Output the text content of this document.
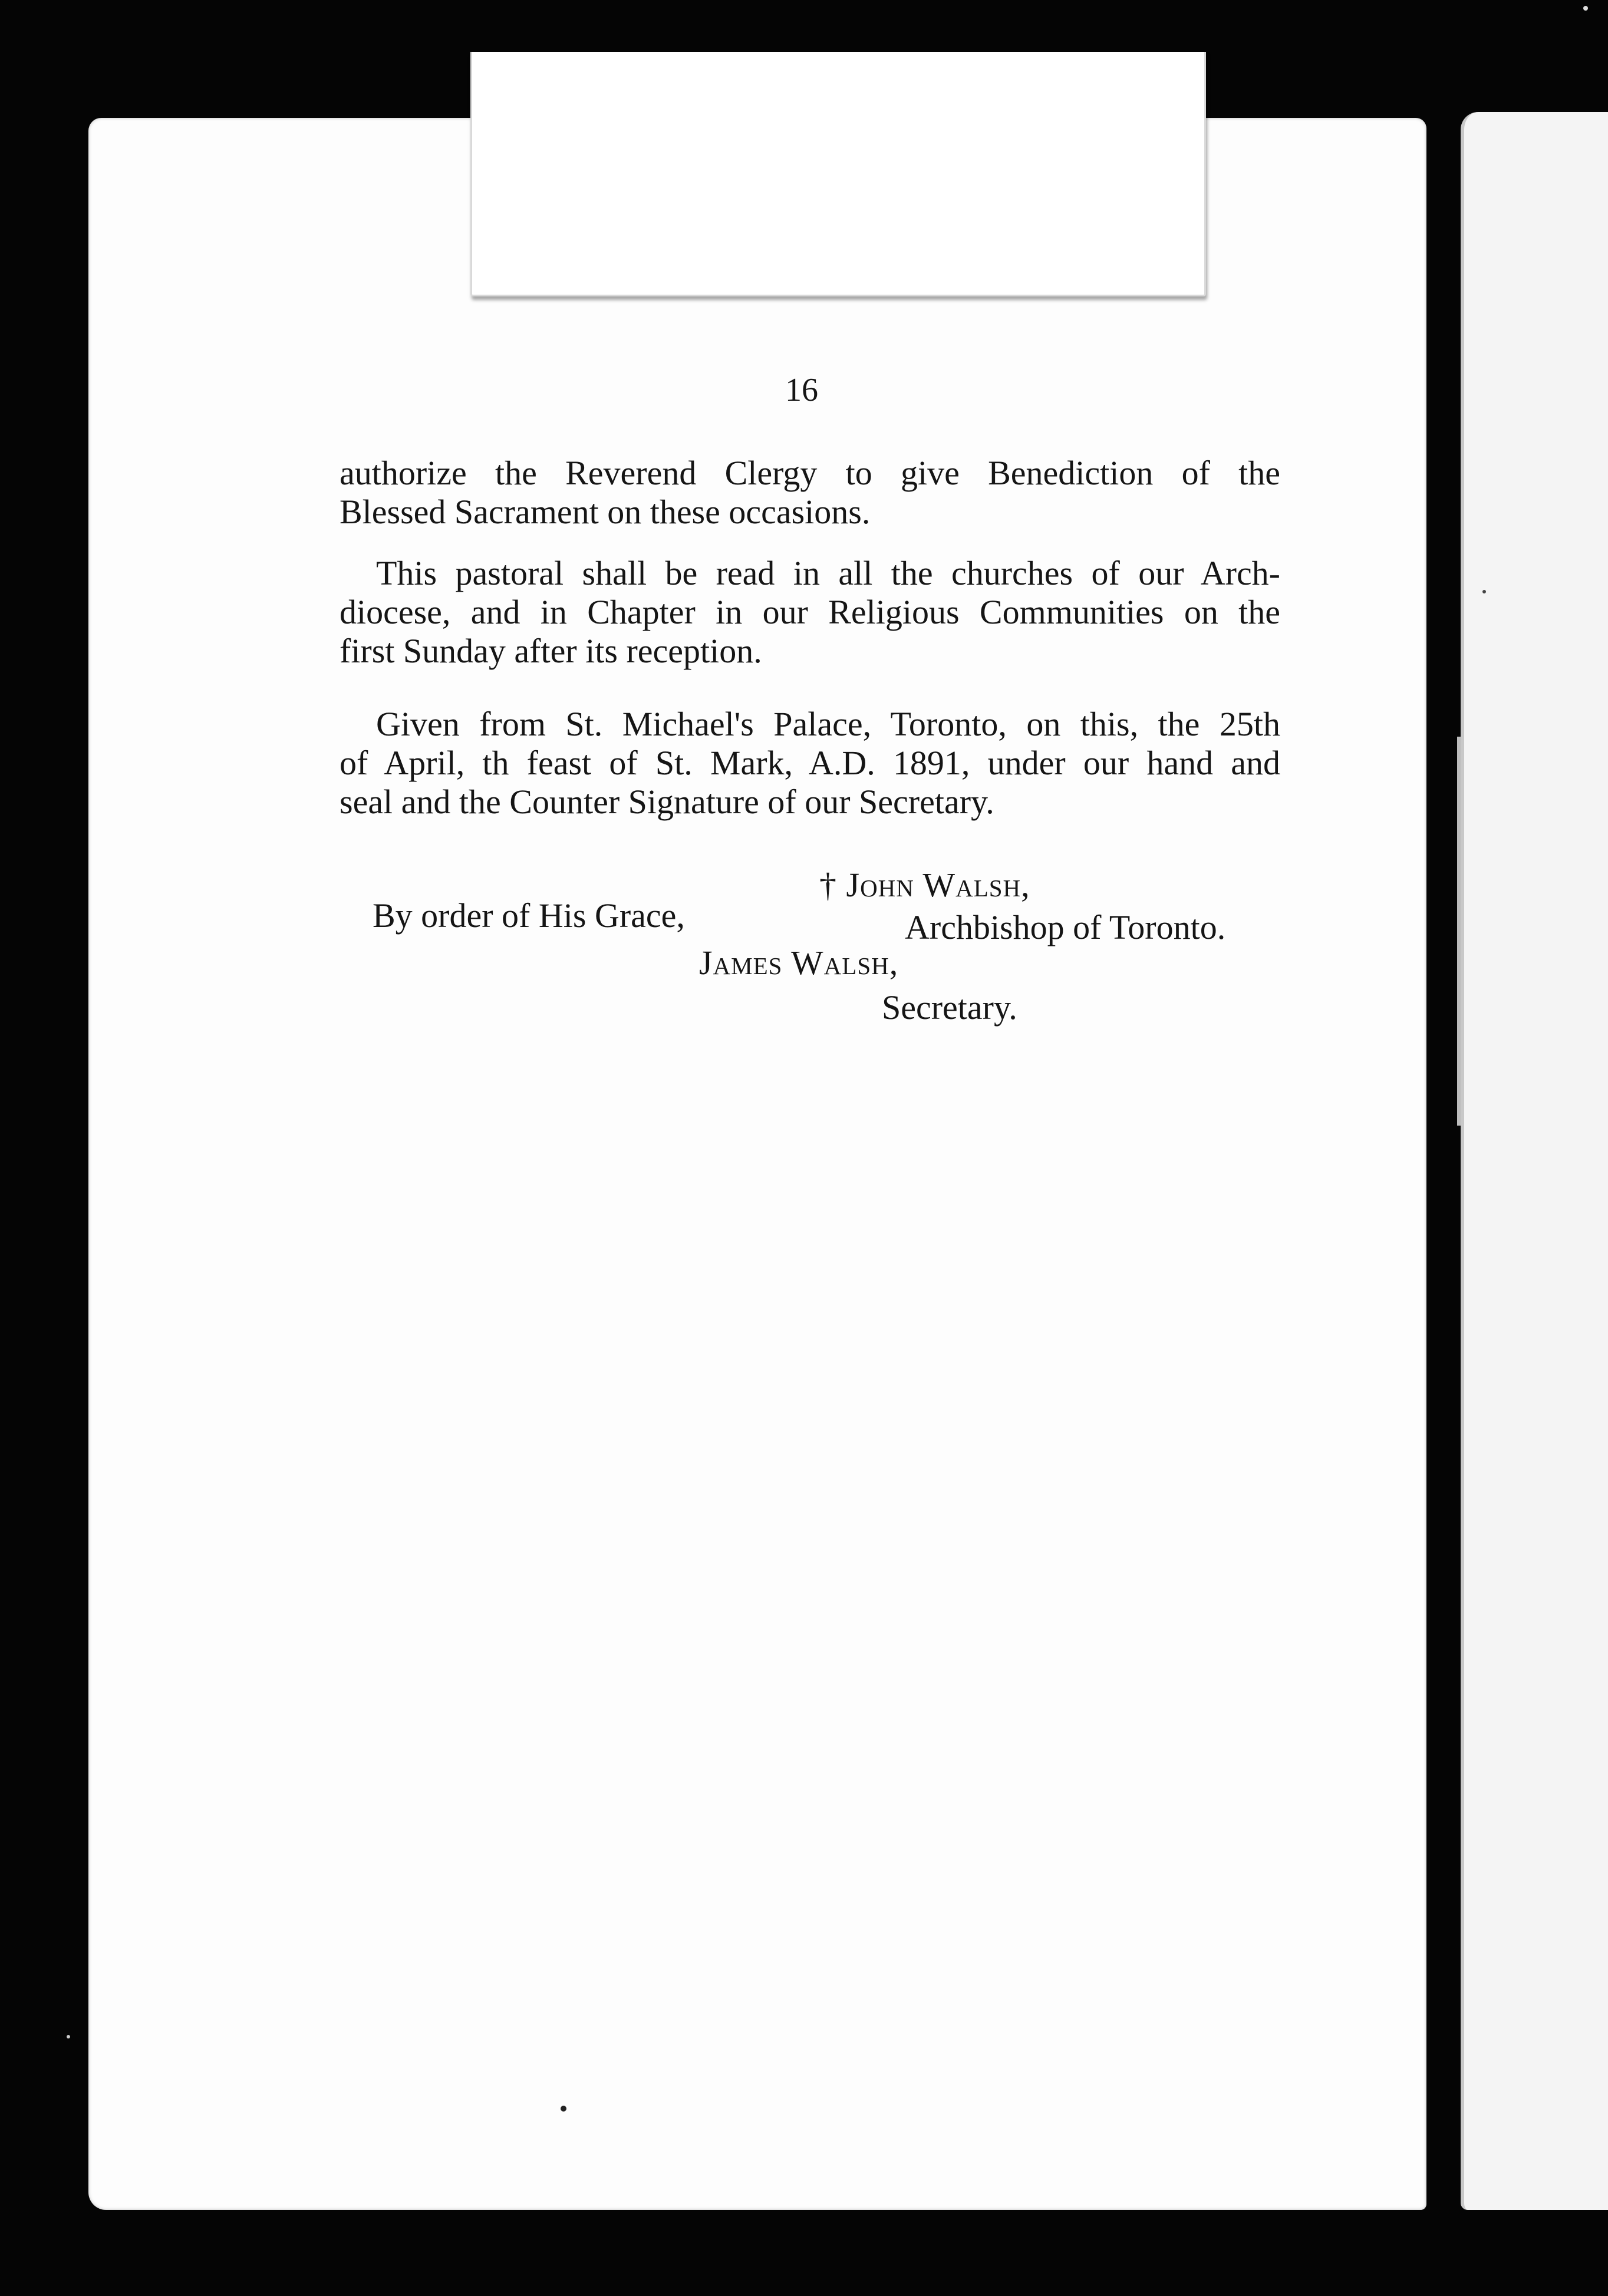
16
authorize the Reverend Clergy to give Benediction of the
Blessed Sacrament on these occasions.
This pastoral shall be read in all the churches of our Arch-
diocese, and in Chapter in our Religious Communities on the
first Sunday after its reception.
Given from St. Michael's Palace, Toronto, on this, the 25th
of April, th feast of St. Mark, A.D. 1891, under our hand and
seal and the Counter Signature of our Secretary.
† John Walsh,
By order of His Grace,	Archbishop of Toronto.
James Walsh,
Secretary.
